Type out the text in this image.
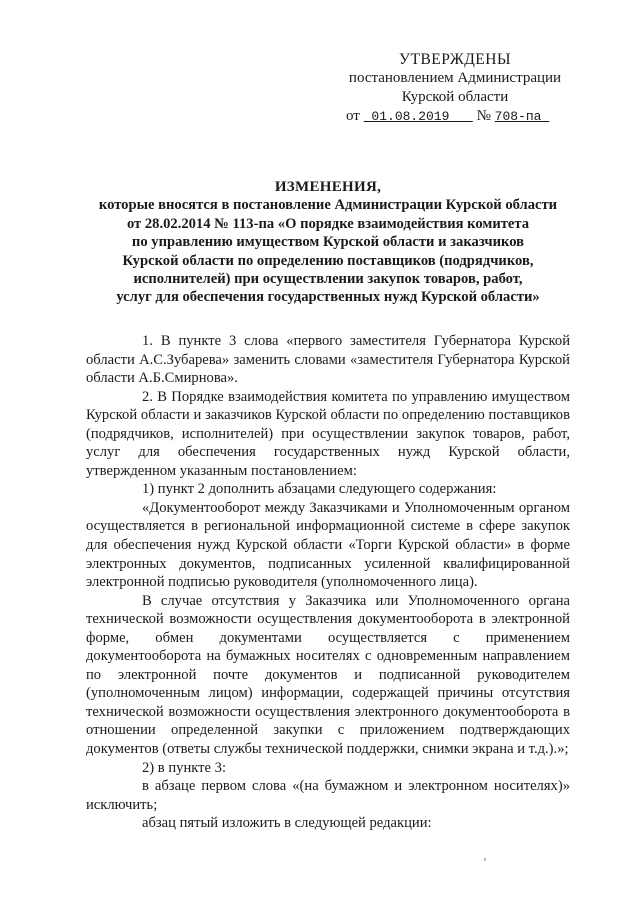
УТВЕРЖДЕНЫ
постановлением Администрации
Курской области
от 01.08.2019 № 708-па
ИЗМЕНЕНИЯ,
которые вносятся в постановление Администрации Курской области
от 28.02.2014 № 113-па «О порядке взаимодействия комитета
по управлению имуществом Курской области и заказчиков
Курской области по определению поставщиков (подрядчиков,
исполнителей) при осуществлении закупок товаров, работ,
услуг для обеспечения государственных нужд Курской области»

1. В пункте 3 слова «первого заместителя Губернатора Курской области А.С.Зубарева» заменить словами «заместителя Губернатора Курской области А.Б.Смирнова».

2. В Порядке взаимодействия комитета по управлению имуществом Курской области и заказчиков Курской области по определению поставщиков (подрядчиков, исполнителей) при осуществлении закупок товаров, работ, услуг для обеспечения государственных нужд Курской области, утвержденном указанным постановлением:

1) пункт 2 дополнить абзацами следующего содержания:

«Документооборот между Заказчиками и Уполномоченным органом осуществляется в региональной информационной системе в сфере закупок для обеспечения нужд Курской области «Торги Курской области» в форме электронных документов, подписанных усиленной квалифицированной электронной подписью руководителя (уполномоченного лица).

В случае отсутствия у Заказчика или Уполномоченного органа технической возможности осуществления документооборота в электронной форме, обмен документами осуществляется с применением документооборота на бумажных носителях с одновременным направлением по электронной почте документов и подписанной руководителем (уполномоченным лицом) информации, содержащей причины отсутствия технической возможности осуществления электронного документооборота в отношении определенной закупки с приложением подтверждающих документов (ответы службы технической поддержки, снимки экрана и т.д.).»;

2) в пункте 3:

в абзаце первом слова «(на бумажном и электронном носителях)» исключить;

абзац пятый изложить в следующей редакции:
